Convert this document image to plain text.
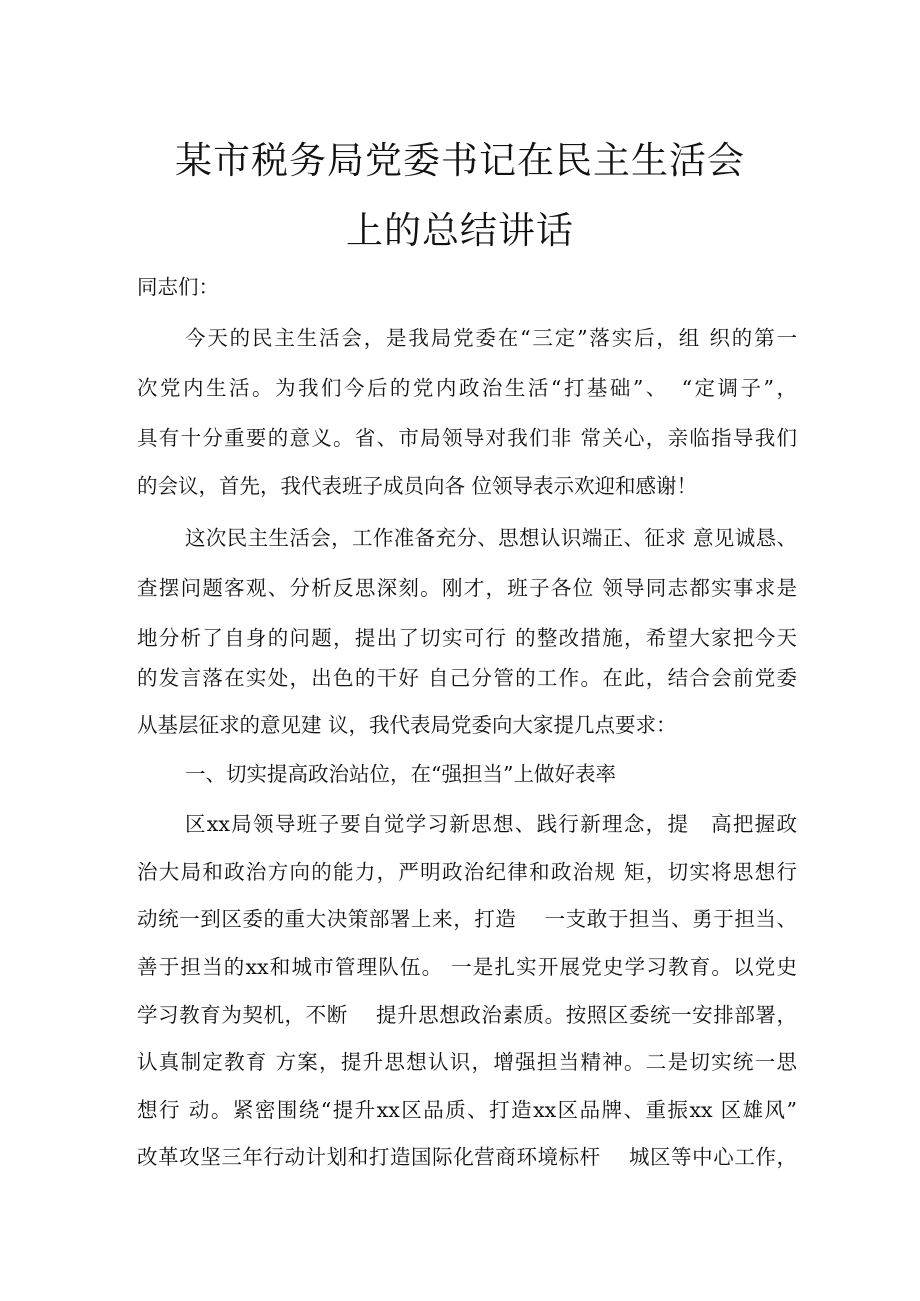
某市税务局党委书记在民主生活会
上的总结讲话

同志们：

今天的民主生活会，是我局党委在“三定”落实后，组 织的第一

次党内生活。为我们今后的党内政治生活“打基础”、　“定调子”，

具有十分重要的意义。省、市局领导对我们非 常关心，亲临指导我们

的会议，首先，我代表班子成员向各 位领导表示欢迎和感谢！

这次民主生活会，工作准备充分、思想认识端正、征求 意见诚恳、

查摆问题客观、分析反思深刻。刚才，班子各位 领导同志都实事求是

地分析了自身的问题，提出了切实可行 的整改措施，希望大家把今天

的发言落在实处，出色的干好 自己分管的工作。在此，结合会前党委

从基层征求的意见建 议，我代表局党委向大家提几点要求：

一、切实提高政治站位，在“强担当”上做好表率

区xx局领导班子要自觉学习新思想、践行新理念，提　高把握政

治大局和政治方向的能力，严明政治纪律和政治规 矩，切实将思想行

动统一到区委的重大决策部署上来，打造　 一支敢于担当、勇于担当、

善于担当的xx和城市管理队伍。 一是扎实开展党史学习教育。以党史

学习教育为契机，不断　 提升思想政治素质。按照区委统一安排部署，

认真制定教育 方案，提升思想认识，增强担当精神。二是切实统一思

想行 动。紧密围绕“提升xx区品质、打造xx区品牌、重振xx 区雄风”

改革攻坚三年行动计划和打造国际化营商环境标杆　 城区等中心工作，
